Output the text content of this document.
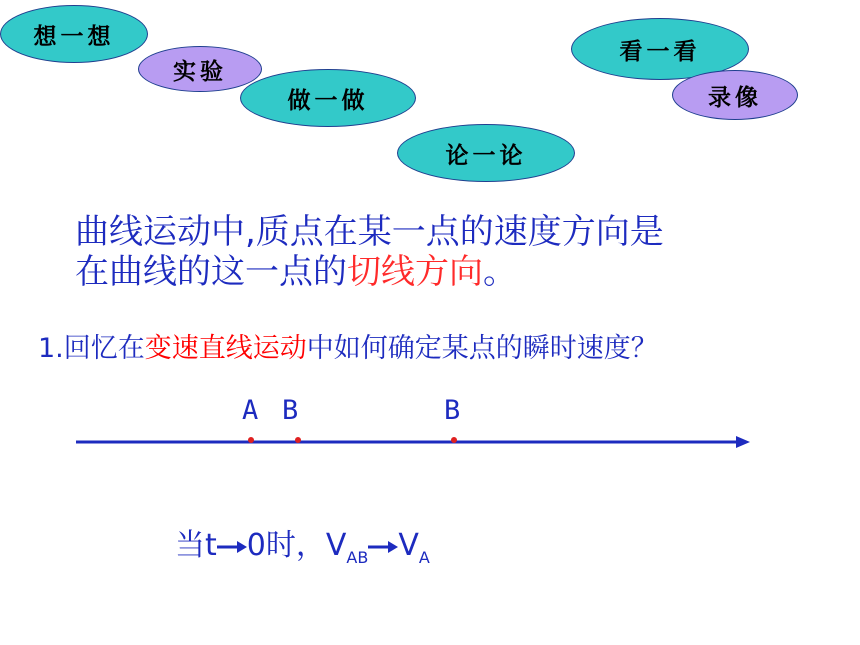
想一想
实验
做一做
论一论
看一看
录像
曲线运动中,质点在某一点的速度方向是
在曲线的这一点的切线方向。
1.回忆在变速直线运动中如何确定某点的瞬时速度？
A B	B
当t 0时，$V_{AB}$ $V_A$
